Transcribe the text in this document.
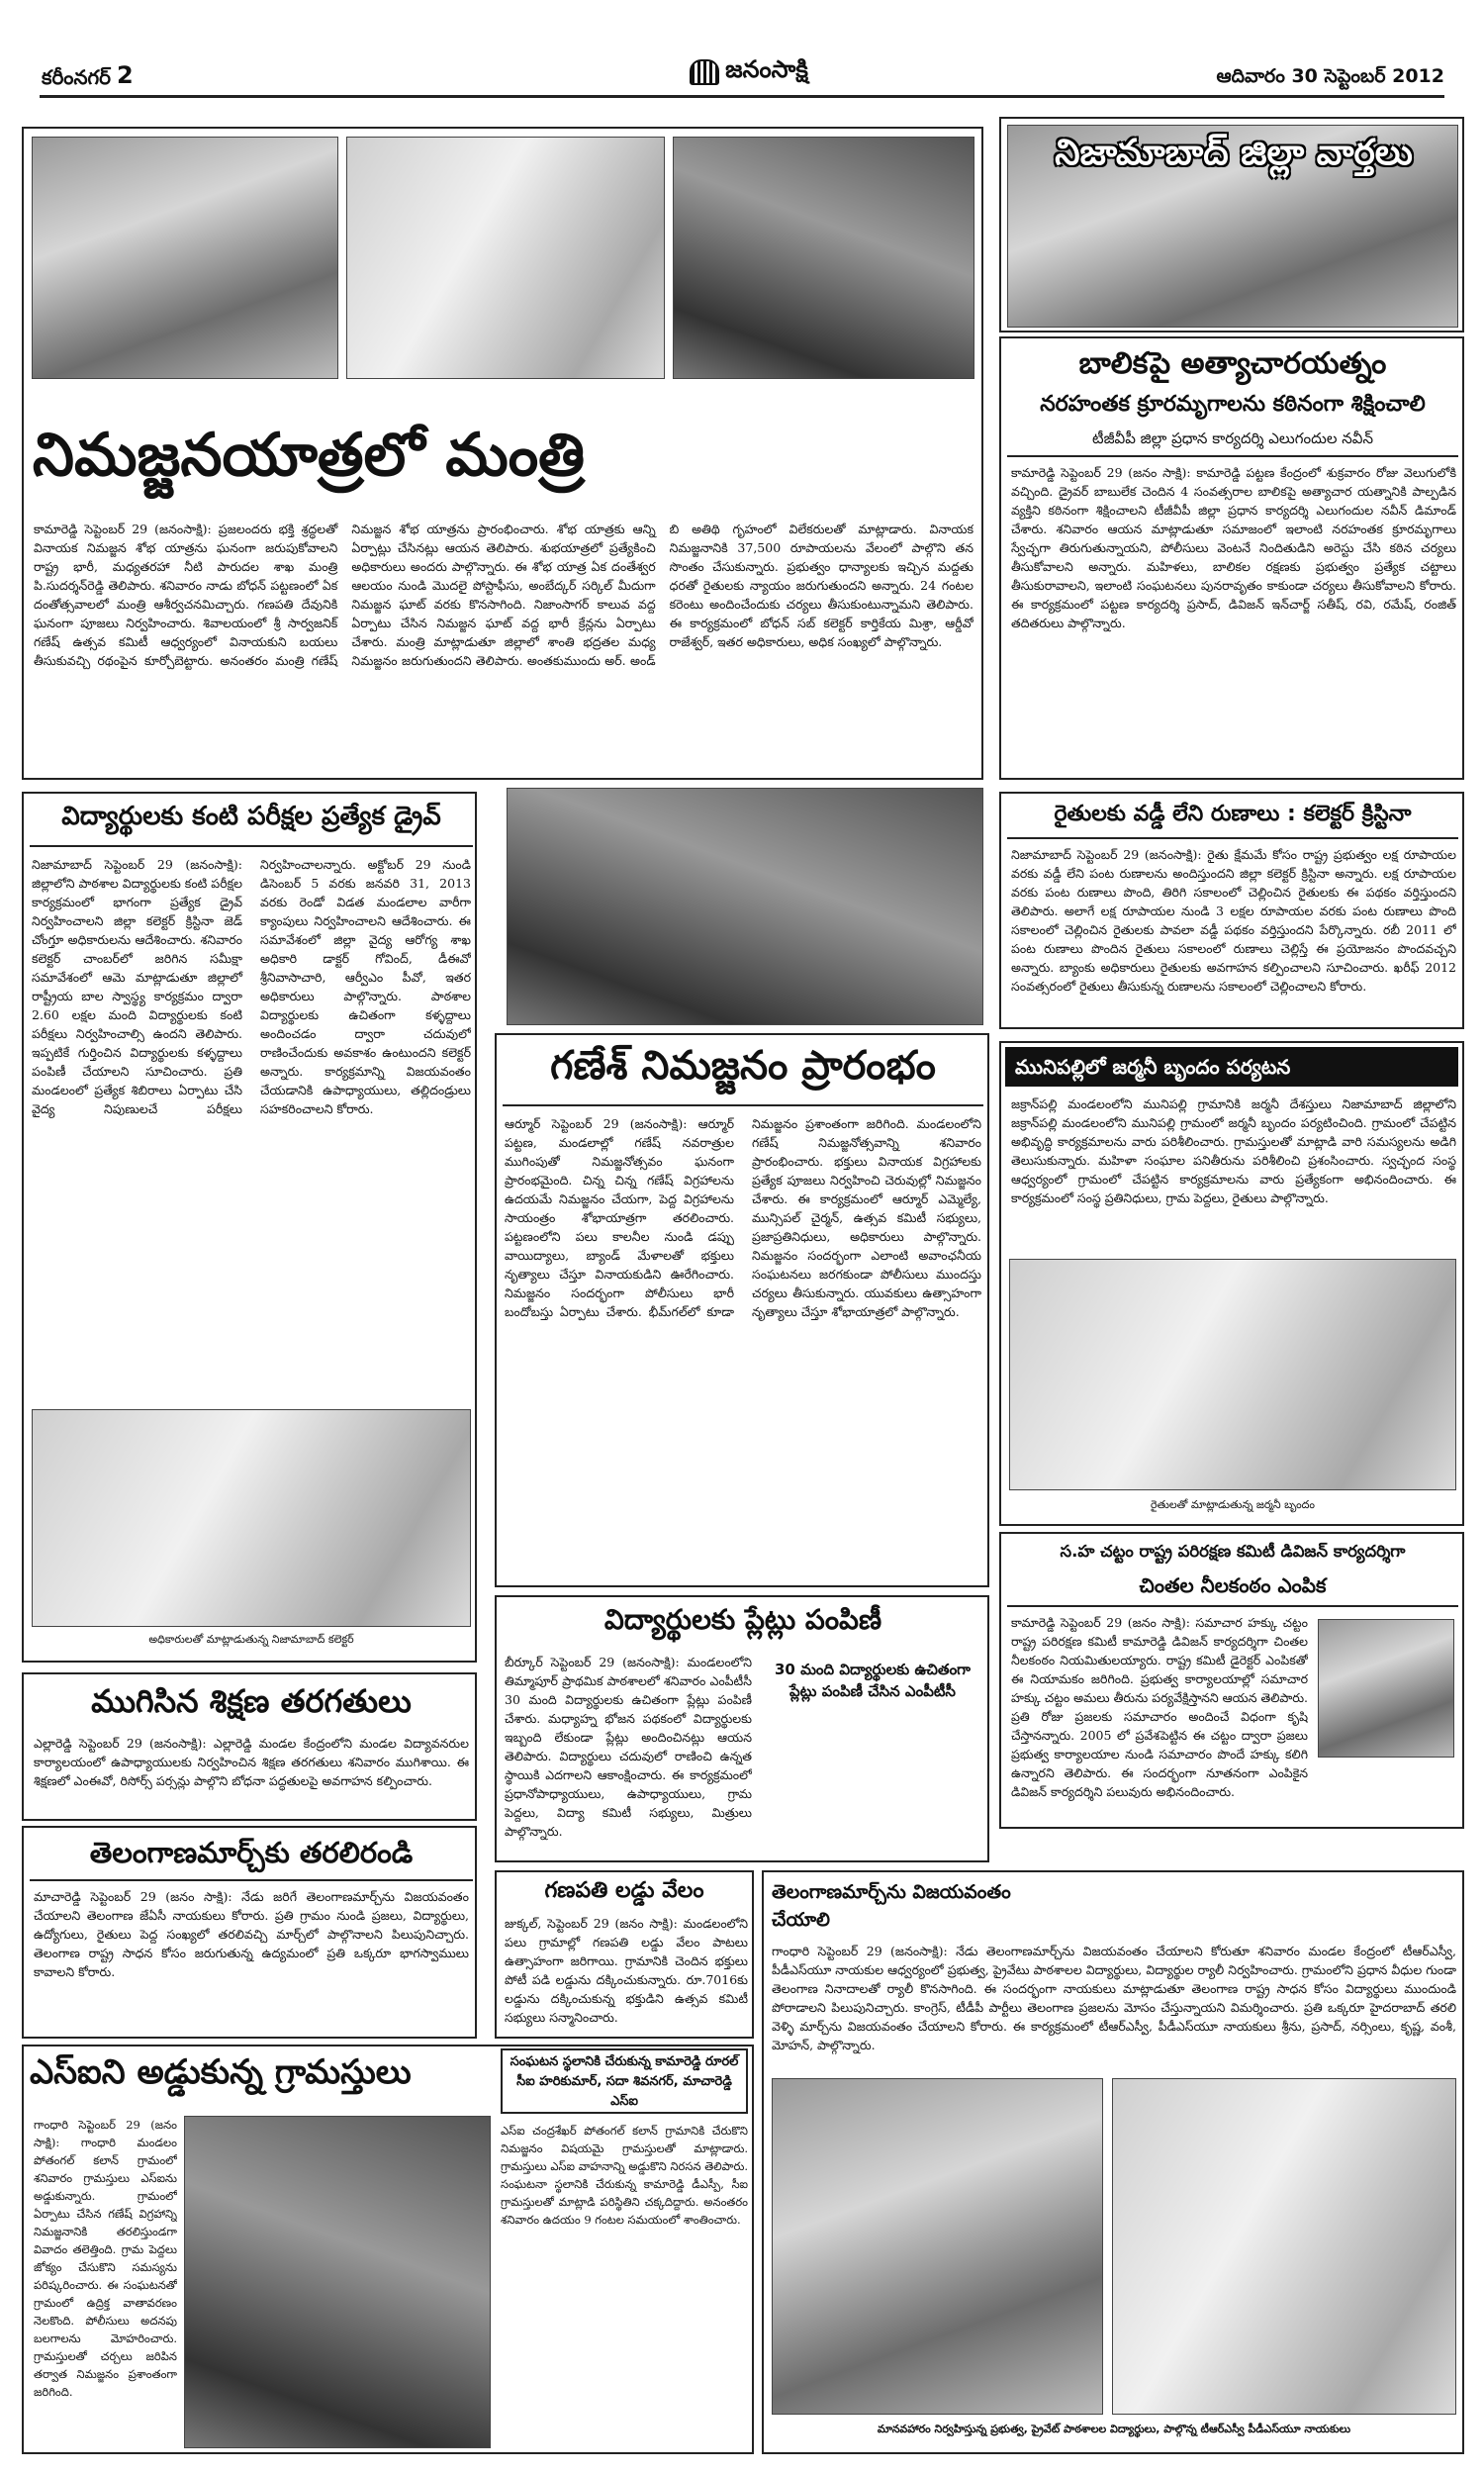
కరీంనగర్ 2	జనంసాక్షి	ఆదివారం 30 సెప్టెంబర్ 2012
నిమజ్జనయాత్రలో మంత్రి
కామారెడ్డి సెప్టెంబర్ 29 (జనంసాక్షి): ప్రజలందరు భక్తి శ్రద్ధలతో వినాయక నిమజ్జన శోభ యాత్రను ఘనంగా జరుపుకోవాలని రాష్ట్ర భారీ, మధ్యతరహా నీటి పారుదల శాఖ మంత్రి పి.సుదర్శన్‌రెడ్డి తెలిపారు. శనివారం నాడు బోధన్ పట్టణంలో ఏక దంతోత్సవాలలో మంత్రి ఆశీర్వచనమిచ్చారు. గణపతి దేవునికి ఘనంగా పూజలు నిర్వహించారు. శివాలయంలో శ్రీ సార్వజనిక్ గణేష్ ఉత్సవ కమిటీ ఆధ్వర్యంలో వినాయకుని బయలు తీసుకువచ్చి రథంపైన కూర్చోబెట్టారు. అనంతరం మంత్రి గణేష్ నిమజ్జన శోభ యాత్రను ప్రారంభించారు. శోభ యాత్రకు ఆన్ని ఏర్పాట్లు చేసినట్లు ఆయన తెలిపారు. శుభయాత్రలో ప్రత్యేకించి అధికారులు అందరు పాల్గొన్నారు. ఈ శోభ యాత్ర ఏక దంతేశ్వర ఆలయం నుండి మొదలై పోస్టాఫీసు, అంబేద్కర్ సర్కిల్ మీదుగా నిమజ్జన ఘాట్ వరకు కొనసాగింది. నిజాంసాగర్ కాలువ వద్ద ఏర్పాటు చేసిన నిమజ్జన ఘాట్ వద్ద భారీ క్రేన్లను ఏర్పాటు చేశారు. మంత్రి మాట్లాడుతూ జిల్లాలో శాంతి భద్రతల మధ్య నిమజ్జనం జరుగుతుందని తెలిపారు. అంతకుముందు అర్. అండ్ బి అతిథి గృహంలో విలేకరులతో మాట్లాడారు. వినాయక నిమజ్జనానికి 37,500 రూపాయలను వేలంలో పాల్గొని తన సొంతం చేసుకున్నారు. ప్రభుత్వం ధాన్యాలకు ఇచ్చిన మద్దతు ధరతో రైతులకు న్యాయం జరుగుతుందని అన్నారు. 24 గంటల కరెంటు అందించేందుకు చర్యలు తీసుకుంటున్నామని తెలిపారు. ఈ కార్యక్రమంలో బోధన్ సబ్ కలెక్టర్ కార్తికేయ మిశ్రా, ఆర్డీవో రాజేశ్వర్, ఇతర అధికారులు, అధిక సంఖ్యలో పాల్గొన్నారు.
నిజామాబాద్ జిల్లా వార్తలు
బాలికపై అత్యాచారయత్నం
నరహంతక క్రూరమృగాలను కఠినంగా శిక్షించాలి
టీజీవీపీ జిల్లా ప్రధాన కార్యదర్శి ఎలుగందుల నవీన్
కామారెడ్డి సెప్టెంబర్ 29 (జనం సాక్షి): కామారెడ్డి పట్టణ కేంద్రంలో శుక్రవారం రోజు వెలుగులోకి వచ్చింది. డ్రైవర్ బాబులేక చెందిన 4 సంవత్సరాల బాలికపై అత్యాచార యత్నానికి పాల్పడిన వ్యక్తిని కఠినంగా శిక్షించాలని టీజీవీపీ జిల్లా ప్రధాన కార్యదర్శి ఎలుగందుల నవీన్ డిమాండ్ చేశారు. శనివారం ఆయన మాట్లాడుతూ సమాజంలో ఇలాంటి నరహంతక క్రూరమృగాలు స్వేచ్ఛగా తిరుగుతున్నాయని, పోలీసులు వెంటనే నిందితుడిని అరెస్టు చేసి కఠిన చర్యలు తీసుకోవాలని అన్నారు. మహిళలు, బాలికల రక్షణకు ప్రభుత్వం ప్రత్యేక చట్టాలు తీసుకురావాలని, ఇలాంటి సంఘటనలు పునరావృతం కాకుండా చర్యలు తీసుకోవాలని కోరారు. ఈ కార్యక్రమంలో పట్టణ కార్యదర్శి ప్రసాద్, డివిజన్ ఇన్‌చార్జ్ సతీష్, రవి, రమేష్, రంజిత్ తదితరులు పాల్గొన్నారు.
విద్యార్థులకు కంటి పరీక్షల ప్రత్యేక డ్రైవ్
నిజామాబాద్ సెప్టెంబర్ 29 (జనంసాక్షి): జిల్లాలోని పాఠశాల విద్యార్థులకు కంటి పరీక్షల కార్యక్రమంలో భాగంగా ప్రత్యేక డ్రైవ్ నిర్వహించాలని జిల్లా కలెక్టర్ క్రిస్టినా జెడ్ చోంగ్తూ అధికారులను ఆదేశించారు. శనివారం కలెక్టర్ చాంబర్‌లో జరిగిన సమీక్షా సమావేశంలో ఆమె మాట్లాడుతూ జిల్లాలో రాష్ట్రీయ బాల స్వాస్థ్య కార్యక్రమం ద్వారా 2.60 లక్షల మంది విద్యార్థులకు కంటి పరీక్షలు నిర్వహించాల్సి ఉందని తెలిపారు. ఇప్పటికే గుర్తించిన విద్యార్థులకు కళ్ళద్దాలు పంపిణీ చేయాలని సూచించారు. ప్రతి మండలంలో ప్రత్యేక శిబిరాలు ఏర్పాటు చేసి వైద్య నిపుణులచే పరీక్షలు నిర్వహించాలన్నారు. అక్టోబర్ 29 నుండి డిసెంబర్ 5 వరకు జనవరి 31, 2013 వరకు రెండో విడత మండలాల వారీగా క్యాంపులు నిర్వహించాలని ఆదేశించారు. ఈ సమావేశంలో జిల్లా వైద్య ఆరోగ్య శాఖ అధికారి డాక్టర్ గోవింద్, డీఈవో శ్రీనివాసాచారి, ఆర్వీఎం పీవో, ఇతర అధికారులు పాల్గొన్నారు. పాఠశాల విద్యార్థులకు ఉచితంగా కళ్ళద్దాలు అందించడం ద్వారా చదువులో రాణించేందుకు అవకాశం ఉంటుందని కలెక్టర్ అన్నారు. కార్యక్రమాన్ని విజయవంతం చేయడానికి ఉపాధ్యాయులు, తల్లిదండ్రులు సహకరించాలని కోరారు.
అధికారులతో మాట్లాడుతున్న నిజామాబాద్ కలెక్టర్
గణేశ్ నిమజ్జనం ప్రారంభం
ఆర్మూర్ సెప్టెంబర్ 29 (జనంసాక్షి): ఆర్మూర్ పట్టణ, మండలాల్లో గణేష్ నవరాత్రుల ముగింపుతో నిమజ్జనోత్సవం ఘనంగా ప్రారంభమైంది. చిన్న చిన్న గణేష్ విగ్రహాలను ఉదయమే నిమజ్జనం చేయగా, పెద్ద విగ్రహాలను సాయంత్రం శోభాయాత్రగా తరలించారు. పట్టణంలోని పలు కాలనీల నుండి డప్పు వాయిద్యాలు, బ్యాండ్ మేళాలతో భక్తులు నృత్యాలు చేస్తూ వినాయకుడిని ఊరేగించారు. నిమజ్జనం సందర్భంగా పోలీసులు భారీ బందోబస్తు ఏర్పాటు చేశారు. భీమ్‌గల్‌లో కూడా నిమజ్జనం ప్రశాంతంగా జరిగింది. మండలంలోని గణేష్ నిమజ్జనోత్సవాన్ని శనివారం ప్రారంభించారు. భక్తులు వినాయక విగ్రహాలకు ప్రత్యేక పూజలు నిర్వహించి చెరువుల్లో నిమజ్జనం చేశారు. ఈ కార్యక్రమంలో ఆర్మూర్ ఎమ్మెల్యే, మున్సిపల్ చైర్మన్, ఉత్సవ కమిటీ సభ్యులు, ప్రజాప్రతినిధులు, అధికారులు పాల్గొన్నారు. నిమజ్జనం సందర్భంగా ఎలాంటి అవాంఛనీయ సంఘటనలు జరగకుండా పోలీసులు ముందస్తు చర్యలు తీసుకున్నారు. యువకులు ఉత్సాహంగా నృత్యాలు చేస్తూ శోభాయాత్రలో పాల్గొన్నారు.
రైతులకు వడ్డీ లేని రుణాలు : కలెక్టర్ క్రిస్టినా
నిజామాబాద్ సెప్టెంబర్ 29 (జనంసాక్షి): రైతు క్షేమమే కోసం రాష్ట్ర ప్రభుత్వం లక్ష రూపాయల వరకు వడ్డీ లేని పంట రుణాలను అందిస్తుందని జిల్లా కలెక్టర్ క్రిస్టినా అన్నారు. లక్ష రూపాయల వరకు పంట రుణాలు పొంది, తిరిగి సకాలంలో చెల్లించిన రైతులకు ఈ పథకం వర్తిస్తుందని తెలిపారు. అలాగే లక్ష రూపాయల నుండి 3 లక్షల రూపాయల వరకు పంట రుణాలు పొంది సకాలంలో చెల్లించిన రైతులకు పావలా వడ్డీ పథకం వర్తిస్తుందని పేర్కొన్నారు. రబీ 2011 లో పంట రుణాలు పొందిన రైతులు సకాలంలో రుణాలు చెల్లిస్తే ఈ ప్రయోజనం పొందవచ్చని అన్నారు. బ్యాంకు అధికారులు రైతులకు అవగాహన కల్పించాలని సూచించారు. ఖరీఫ్ 2012 సంవత్సరంలో రైతులు తీసుకున్న రుణాలను సకాలంలో చెల్లించాలని కోరారు.
మునిపల్లిలో జర్మనీ బృందం పర్యటన
జక్రాన్‌పల్లి మండలంలోని మునిపల్లి గ్రామానికి జర్మనీ దేశస్తులు నిజామాబాద్ జిల్లాలోని జక్రాన్‌పల్లి మండలంలోని మునిపల్లి గ్రామంలో జర్మనీ బృందం పర్యటించింది. గ్రామంలో చేపట్టిన అభివృద్ధి కార్యక్రమాలను వారు పరిశీలించారు. గ్రామస్తులతో మాట్లాడి వారి సమస్యలను అడిగి తెలుసుకున్నారు. మహిళా సంఘాల పనితీరును పరిశీలించి ప్రశంసించారు. స్వచ్ఛంద సంస్థ ఆధ్వర్యంలో గ్రామంలో చేపట్టిన కార్యక్రమాలను వారు ప్రత్యేకంగా అభినందించారు. ఈ కార్యక్రమంలో సంస్థ ప్రతినిధులు, గ్రామ పెద్దలు, రైతులు పాల్గొన్నారు.
రైతులతో మాట్లాడుతున్న జర్మనీ బృందం
స.హ చట్టం రాష్ట్ర పరిరక్షణ కమిటీ డివిజన్ కార్యదర్శిగా
చింతల నీలకంఠం ఎంపిక
కామారెడ్డి సెప్టెంబర్ 29 (జనం సాక్షి): సమాచార హక్కు చట్టం రాష్ట్ర పరిరక్షణ కమిటీ కామారెడ్డి డివిజన్ కార్యదర్శిగా చింతల నీలకంఠం నియమితులయ్యారు. రాష్ట్ర కమిటీ డైరెక్టర్ ఎంపికతో ఈ నియామకం జరిగింది. ప్రభుత్వ కార్యాలయాల్లో సమాచార హక్కు చట్టం అమలు తీరును పర్యవేక్షిస్తానని ఆయన తెలిపారు. ప్రతి రోజు ప్రజలకు సమాచారం అందించే విధంగా కృషి చేస్తానన్నారు. 2005 లో ప్రవేశపెట్టిన ఈ చట్టం ద్వారా ప్రజలు ప్రభుత్వ కార్యాలయాల నుండి సమాచారం పొందే హక్కు కలిగి ఉన్నారని తెలిపారు. ఈ సందర్భంగా నూతనంగా ఎంపికైన డివిజన్ కార్యదర్శిని పలువురు అభినందించారు.
ముగిసిన శిక్షణ తరగతులు
ఎల్లారెడ్డి సెప్టెంబర్ 29 (జనంసాక్షి): ఎల్లారెడ్డి మండల కేంద్రంలోని మండల విద్యావనరుల కార్యాలయంలో ఉపాధ్యాయులకు నిర్వహించిన శిక్షణ తరగతులు శనివారం ముగిశాయి. ఈ శిక్షణలో ఎంఈవో, రిసోర్స్ పర్సన్లు పాల్గొని బోధనా పద్ధతులపై అవగాహన కల్పించారు.
తెలంగాణమార్చ్‌కు తరలిరండి
మాచారెడ్డి సెప్టెంబర్ 29 (జనం సాక్షి): నేడు జరిగే తెలంగాణమార్చ్‌ను విజయవంతం చేయాలని తెలంగాణ జేఏసీ నాయకులు కోరారు. ప్రతి గ్రామం నుండి ప్రజలు, విద్యార్థులు, ఉద్యోగులు, రైతులు పెద్ద సంఖ్యలో తరలివచ్చి మార్చ్‌లో పాల్గొనాలని పిలుపునిచ్చారు. తెలంగాణ రాష్ట్ర సాధన కోసం జరుగుతున్న ఉద్యమంలో ప్రతి ఒక్కరూ భాగస్వాములు కావాలని కోరారు.
విద్యార్థులకు ప్లేట్లు పంపిణీ
బీర్కూర్ సెప్టెంబర్ 29 (జనంసాక్షి): మండలంలోని తిమ్మాపూర్ ప్రాథమిక పాఠశాలలో శనివారం ఎంపీటీసీ 30 మంది విద్యార్థులకు ఉచితంగా ప్లేట్లు పంపిణీ చేశారు. మధ్యాహ్న భోజన పథకంలో విద్యార్థులకు ఇబ్బంది లేకుండా ప్లేట్లు అందించినట్లు ఆయన తెలిపారు. విద్యార్థులు చదువులో రాణించి ఉన్నత స్థాయికి ఎదగాలని ఆకాంక్షించారు. ఈ కార్యక్రమంలో ప్రధానోపాధ్యాయులు, ఉపాధ్యాయులు, గ్రామ పెద్దలు, విద్యా కమిటీ సభ్యులు, మిత్రులు పాల్గొన్నారు.
30 మంది విద్యార్థులకు ఉచితంగా ప్లేట్లు పంపిణీ చేసిన ఎంపీటీసీ
గణపతి లడ్డు వేలం
జుక్కల్, సెప్టెంబర్ 29 (జనం సాక్షి): మండలంలోని పలు గ్రామాల్లో గణపతి లడ్డు వేలం పాటలు ఉత్సాహంగా జరిగాయి. గ్రామానికి చెందిన భక్తులు పోటీ పడి లడ్డును దక్కించుకున్నారు. రూ.7016కు లడ్డును దక్కించుకున్న భక్తుడిని ఉత్సవ కమిటీ సభ్యులు సన్మానించారు.
తెలంగాణమార్చ్‌ను విజయవంతం చేయాలి
గాంధారి సెప్టెంబర్ 29 (జనంసాక్షి): నేడు తెలంగాణమార్చ్‌ను విజయవంతం చేయాలని కోరుతూ శనివారం మండల కేంద్రంలో టీఆర్ఎస్వీ, పీడీఎస్‌యూ నాయకుల ఆధ్వర్యంలో ప్రభుత్వ, ప్రైవేటు పాఠశాలల విద్యార్థులు, విద్యార్థుల ర్యాలీ నిర్వహించారు. గ్రామంలోని ప్రధాన వీధుల గుండా తెలంగాణ నినాదాలతో ర్యాలీ కొనసాగింది. ఈ సందర్భంగా నాయకులు మాట్లాడుతూ తెలంగాణ రాష్ట్ర సాధన కోసం విద్యార్థులు ముందుండి పోరాడాలని పిలుపునిచ్చారు. కాంగ్రెస్, టీడీపీ పార్టీలు తెలంగాణ ప్రజలను మోసం చేస్తున్నాయని విమర్శించారు. ప్రతి ఒక్కరూ హైదరాబాద్ తరలి వెళ్ళి మార్చ్‌ను విజయవంతం చేయాలని కోరారు. ఈ కార్యక్రమంలో టీఆర్ఎస్వీ, పీడీఎస్‌యూ నాయకులు శ్రీను, ప్రసాద్, నర్సింలు, కృష్ణ, వంశీ, మోహన్, పాల్గొన్నారు.
మానవహారం నిర్వహిస్తున్న ప్రభుత్వ, ప్రైవేట్ పాఠశాలల విద్యార్థులు, పాల్గొన్న టీఆర్ఎస్వీ పీడీఎస్‌యూ నాయకులు
ఎస్ఐని అడ్డుకున్న గ్రామస్తులు
గాంధారి సెప్టెంబర్ 29 (జనం సాక్షి): గాంధారి మండలం పోతంగల్ కలాన్ గ్రామంలో శనివారం గ్రామస్తులు ఎస్ఐను అడ్డుకున్నారు. గ్రామంలో ఏర్పాటు చేసిన గణేష్ విగ్రహాన్ని నిమజ్జనానికి తరలిస్తుండగా వివాదం తలెత్తింది. గ్రామ పెద్దలు జోక్యం చేసుకొని సమస్యను పరిష్కరించారు. ఈ సంఘటనతో గ్రామంలో ఉద్రిక్త వాతావరణం నెలకొంది. పోలీసులు అదనపు బలగాలను మోహరించారు. గ్రామస్తులతో చర్చలు జరిపిన తర్వాత నిమజ్జనం ప్రశాంతంగా జరిగింది.
సంఘటన స్థలానికి చేరుకున్న కామారెడ్డి రూరల్ సీఐ హరికుమార్, సదా శివనగర్, మాచారెడ్డి ఎస్ఐ
ఎస్ఐ చంద్రశేఖర్ పోతంగల్ కలాన్ గ్రామానికి చేరుకొని నిమజ్జనం విషయమై గ్రామస్తులతో మాట్లాడారు. గ్రామస్తులు ఎస్ఐ వాహనాన్ని అడ్డుకొని నిరసన తెలిపారు. సంఘటనా స్థలానికి చేరుకున్న కామారెడ్డి డీఎస్పీ, సీఐ గ్రామస్తులతో మాట్లాడి పరిస్థితిని చక్కదిద్దారు. అనంతరం శనివారం ఉదయం 9 గంటల సమయంలో శాంతించారు.
